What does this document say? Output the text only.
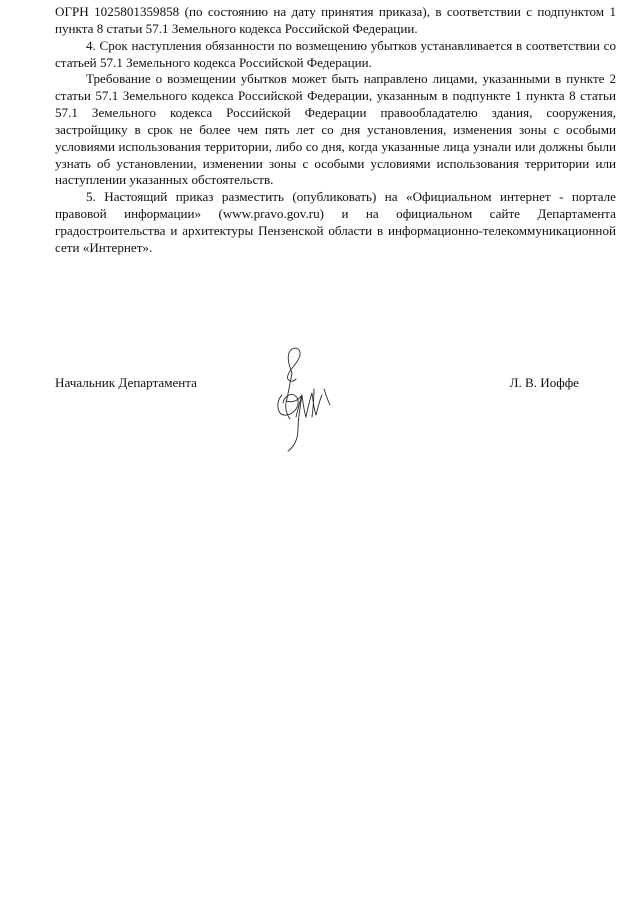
ОГРН 1025801359858 (по состоянию на дату принятия приказа), в соответствии с подпунктом 1 пункта 8 статьи 57.1 Земельного кодекса Российской Федерации.

4. Срок наступления обязанности по возмещению убытков устанавливается в соответствии со статьей 57.1 Земельного кодекса Российской Федерации.

Требование о возмещении убытков может быть направлено лицами, указанными в пункте 2 статьи 57.1 Земельного кодекса Российской Федерации, указанным в подпункте 1 пункта 8 статьи 57.1 Земельного кодекса Российской Федерации правообладателю здания, сооружения, застройщику в срок не более чем пять лет со дня установления, изменения зоны с особыми условиями использования территории, либо со дня, когда указанные лица узнали или должны были узнать об установлении, изменении зоны с особыми условиями использования территории или наступлении указанных обстоятельств.

5. Настоящий приказ разместить (опубликовать) на «Официальном интернет - портале правовой информации» (www.pravo.gov.ru) и на официальном сайте Департамента градостроительства и архитектуры Пензенской области в информационно-телекоммуникационной сети «Интернет».

Начальник Департамента	Л. В. Иоффе
